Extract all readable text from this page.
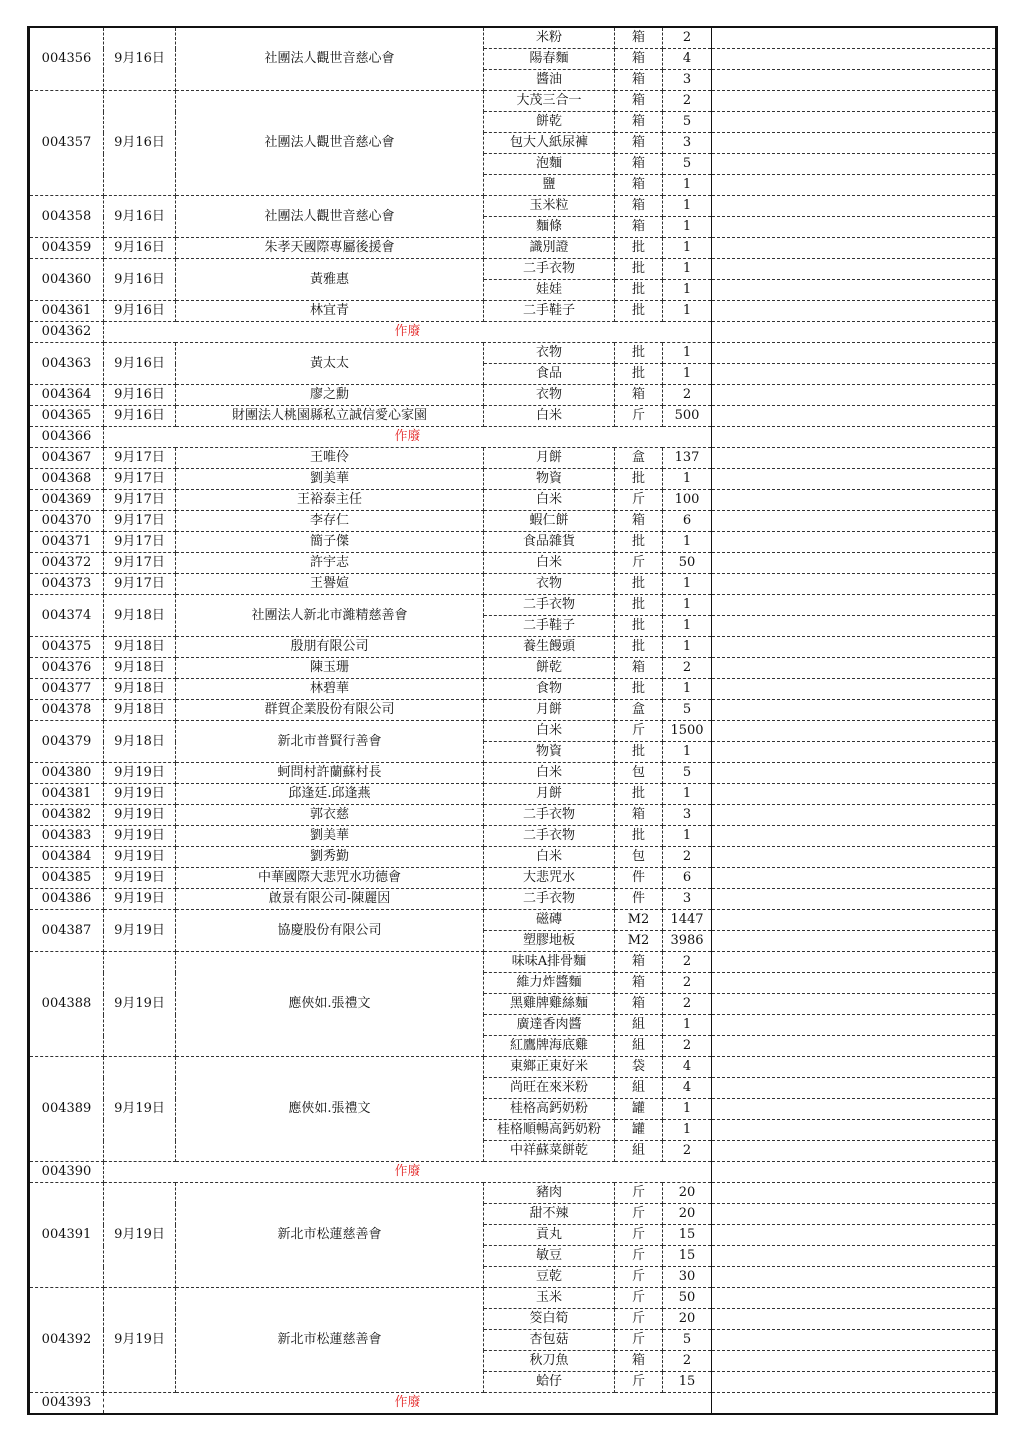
004356	9月16日	社團法人觀世音慈心會	米粉	箱	2	
			陽春麵	箱	4	
			醬油	箱	3	
004357	9月16日	社團法人觀世音慈心會	大茂三合一	箱	2	
			餅乾	箱	5	
			包大人紙尿褲	箱	3	
			泡麵	箱	5	
			鹽	箱	1	
004358	9月16日	社團法人觀世音慈心會	玉米粒	箱	1	
			麵條	箱	1	
004359	9月16日	朱孝天國際專屬後援會	識別證	批	1	
004360	9月16日	黃雅惠	二手衣物	批	1	
			娃娃	批	1	
004361	9月16日	林宜青	二手鞋子	批	1	
004362	作廢					
004363	9月16日	黃太太	衣物	批	1	
			食品	批	1	
004364	9月16日	廖之勳	衣物	箱	2	
004365	9月16日	財團法人桃園縣私立誠信愛心家園	白米	斤	500	
004366	作廢					
004367	9月17日	王唯伶	月餅	盒	137	
004368	9月17日	劉美華	物資	批	1	
004369	9月17日	王裕泰主任	白米	斤	100	
004370	9月17日	李存仁	蝦仁餅	箱	6	
004371	9月17日	簡子傑	食品雜貨	批	1	
004372	9月17日	許宇志	白米	斤	50	
004373	9月17日	王譽媗	衣物	批	1	
004374	9月18日	社團法人新北市濰精慈善會	二手衣物	批	1	
			二手鞋子	批	1	
004375	9月18日	殷朋有限公司	養生饅頭	批	1	
004376	9月18日	陳玉珊	餅乾	箱	2	
004377	9月18日	林碧華	食物	批	1	
004378	9月18日	群賀企業股份有限公司	月餅	盒	5	
004379	9月18日	新北市普賢行善會	白米	斤	1500	
			物資	批	1	
004380	9月19日	蚵問村許蘭蘇村長	白米	包	5	
004381	9月19日	邱逢廷.邱逢燕	月餅	批	1	
004382	9月19日	郭衣慈	二手衣物	箱	3	
004383	9月19日	劉美華	二手衣物	批	1	
004384	9月19日	劉秀勤	白米	包	2	
004385	9月19日	中華國際大悲咒水功德會	大悲咒水	件	6	
004386	9月19日	啟景有限公司-陳麗因	二手衣物	件	3	
004387	9月19日	協慶股份有限公司	磁磚	M2	1447	
			塑膠地板	M2	3986	
004388	9月19日	應俠如.張禮文	味味A排骨麵	箱	2	
			維力炸醬麵	箱	2	
			黑雞牌雞絲麵	箱	2	
			廣達香肉醬	組	1	
			紅鷹牌海底雞	組	2	
004389	9月19日	應俠如.張禮文	東鄉正東好米	袋	4	
			尚旺在來米粉	組	4	
			桂格高鈣奶粉	罐	1	
			桂格順暢高鈣奶粉	罐	1	
			中祥蘇菜餅乾	組	2	
004390	作廢					
004391	9月19日	新北市松蓮慈善會	豬肉	斤	20	
			甜不辣	斤	20	
			貢丸	斤	15	
			敏豆	斤	15	
			豆乾	斤	30	
004392	9月19日	新北市松蓮慈善會	玉米	斤	50	
			筊白筍	斤	20	
			杏包菇	斤	5	
			秋刀魚	箱	2	
			蛤仔	斤	15	
004393	作廢					
